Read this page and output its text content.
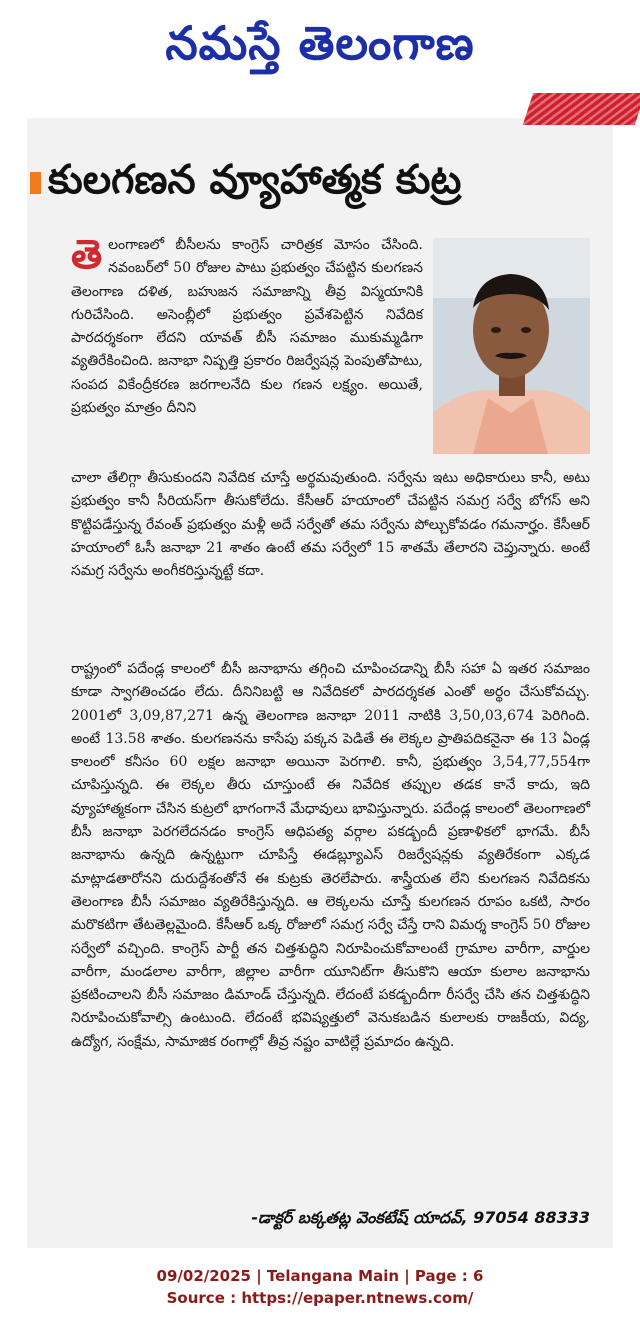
నమస్తే తెలంగాణ
కులగణన వ్యూహాత్మక కుట్ర
తె లంగాణలో బీసీలను కాంగ్రెస్ చారిత్రక మోసం చేసింది. నవంబర్‌లో 50 రోజుల పాటు ప్రభుత్వం చేపట్టిన కులగణన తెలంగాణ దళిత, బహుజన సమాజాన్ని తీవ్ర విస్మయానికి గురిచేసింది. అసెంబ్లీలో ప్రభుత్వం ప్రవేశపెట్టిన నివేదిక పారదర్శకంగా లేదని యావత్ బీసీ సమాజం ముకుమ్మడిగా వ్యతిరేకించింది. జనాభా నిష్పత్తి ప్రకారం రిజర్వేషన్ల పెంపుతోపాటు, సంపద వికేంద్రీకరణ జరగాలనేది కుల గణన లక్ష్యం. అయితే, ప్రభుత్వం మాత్రం దీనిని
చాలా తేలిగ్గా తీసుకుందని నివేదిక చూస్తే అర్థమవుతుంది. సర్వేను ఇటు అధికారులు కానీ, అటు ప్రభుత్వం కానీ సీరియస్‌గా తీసుకోలేదు. కేసీఆర్ హయాంలో చేపట్టిన సమగ్ర సర్వే బోగస్ అని కొట్టిపడేస్తున్న రేవంత్ ప్రభుత్వం మళ్లీ అదే సర్వేతో తమ సర్వేను పోల్చుకోవడం గమనార్హం. కేసీఆర్ హయాంలో ఓసీ జనాభా 21 శాతం ఉంటే తమ సర్వేలో 15 శాతమే తేలారని చెప్తున్నారు. అంటే సమగ్ర సర్వేను అంగీకరిస్తున్నట్టే కదా.
రాష్ట్రంలో పదేండ్ల కాలంలో బీసీ జనాభాను తగ్గించి చూపించడాన్ని బీసీ సహా ఏ ఇతర సమాజం కూడా స్వాగతించడం లేదు. దీనినిబట్టి ఆ నివేదికలో పారదర్శకత ఎంతో అర్థం చేసుకోవచ్చు. 2001లో 3,09,87,271 ఉన్న తెలంగాణ జనాభా 2011 నాటికి 3,50,03,674 పెరిగింది. అంటే 13.58 శాతం. కులగణనను కాసేపు పక్కన పెడితే ఈ లెక్కల ప్రాతిపదికనైనా ఈ 13 ఏండ్ల కాలంలో కనీసం 60 లక్షల జనాభా అయినా పెరగాలి. కానీ, ప్రభుత్వం 3,54,77,554గా చూపిస్తున్నది. ఈ లెక్కల తీరు చూస్తుంటే ఈ నివేదిక తప్పుల తడక కానే కాదు, ఇది వ్యూహాత్మకంగా చేసిన కుట్రలో భాగంగానే మేధావులు భావిస్తున్నారు. పదేండ్ల కాలంలో తెలంగాణలో బీసీ జనాభా పెరగలేదనడం కాంగ్రెస్ ఆధిపత్య వర్గాల పకడ్బందీ ప్రణాళికలో భాగమే. బీసీ జనాభాను ఉన్నది ఉన్నట్టుగా చూపిస్తే ఈడబ్ల్యూఎస్ రిజర్వేషన్లకు వ్యతిరేకంగా ఎక్కడ మాట్లాడతారోనని దురుద్దేశంతోనే ఈ కుట్రకు తెరలేపారు. శాస్త్రీయత లేని కులగణన నివేదికను తెలంగాణ బీసీ సమాజం వ్యతిరేకిస్తున్నది. ఆ లెక్కలను చూస్తే కులగణన రూపం ఒకటి, సారం మరొకటిగా తేటతెల్లమైంది. కేసీఆర్ ఒక్క రోజులో సమగ్ర సర్వే చేస్తే రాని విమర్శ కాంగ్రెస్ 50 రోజుల సర్వేలో వచ్చింది. కాంగ్రెస్ పార్టీ తన చిత్తశుద్ధిని నిరూపించుకోవాలంటే గ్రామాల వారీగా, వార్డుల వారీగా, మండలాల వారీగా, జిల్లాల వారీగా యూనిట్‌గా తీసుకొని ఆయా కులాల జనాభాను ప్రకటించాలని బీసీ సమాజం డిమాండ్ చేస్తున్నది. లేదంటే పకడ్బందీగా రీసర్వే చేసి తన చిత్తశుద్ధిని నిరూపించుకోవాల్సి ఉంటుంది. లేదంటే భవిష్యత్తులో వెనుకబడిన కులాలకు రాజకీయ, విద్య, ఉద్యోగ, సంక్షేమ, సామాజిక రంగాల్లో తీవ్ర నష్టం వాటిల్లే ప్రమాదం ఉన్నది.
-డాక్టర్ బక్కతట్ల వెంకటేష్ యాదవ్, 97054 88333
09/02/2025 | Telangana Main | Page : 6
Source : https://epaper.ntnews.com/
